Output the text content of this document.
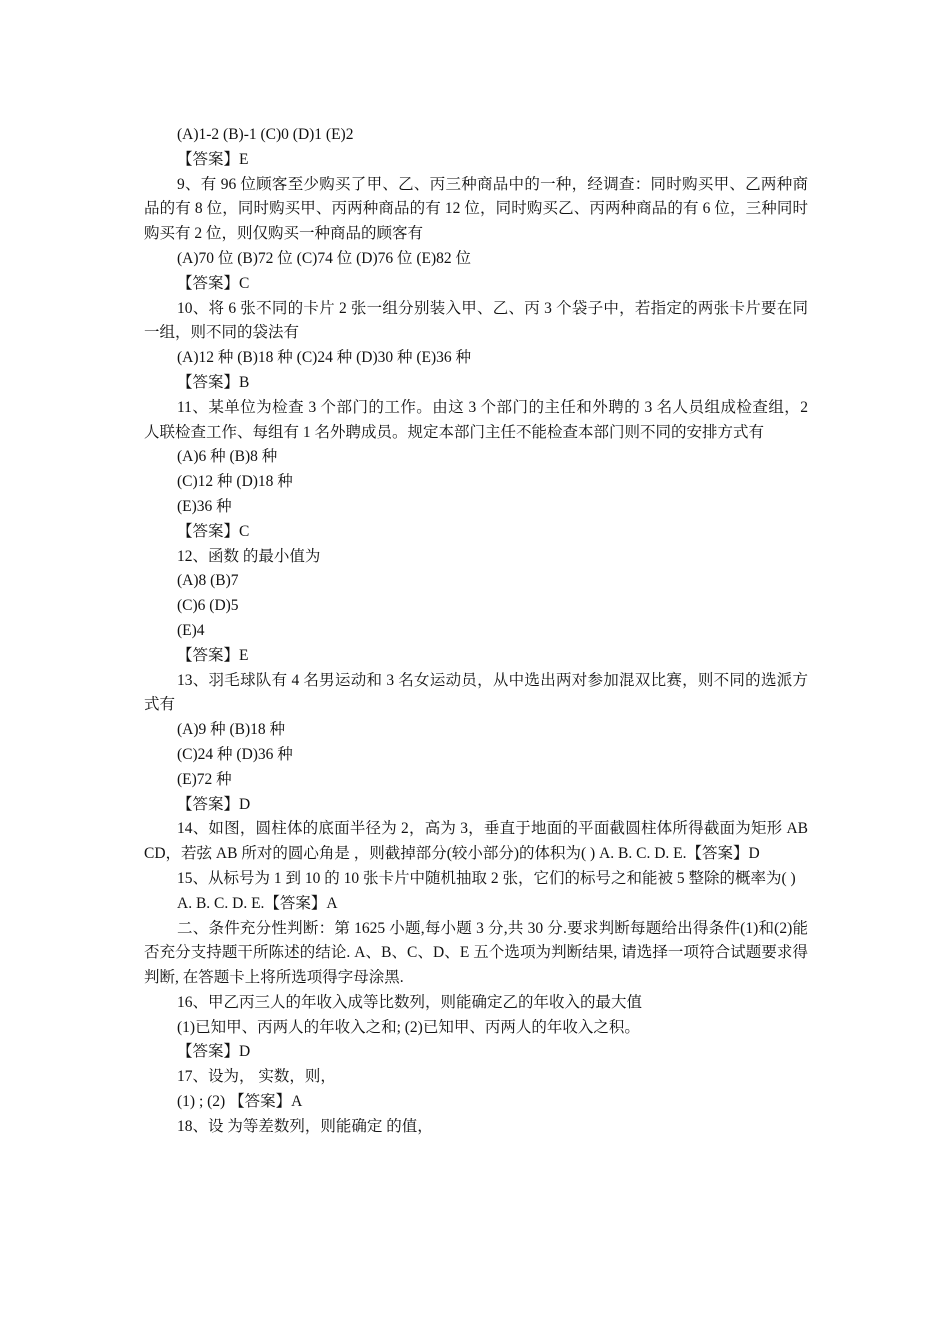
(A)1-2 (B)-1 (C)0 (D)1 (E)2

【答案】E

9、有 96 位顾客至少购买了甲、乙、丙三种商品中的一种，经调查：同时购买甲、乙两种商品的有 8 位，同时购买甲、丙两种商品的有 12 位，同时购买乙、丙两种商品的有 6 位，三种同时购买有 2 位，则仅购买一种商品的顾客有

(A)70 位 (B)72 位 (C)74 位 (D)76 位 (E)82 位

【答案】C

10、将 6 张不同的卡片 2 张一组分别装入甲、乙、丙 3 个袋子中，若指定的两张卡片要在同一组，则不同的袋法有

(A)12 种 (B)18 种 (C)24 种 (D)30 种 (E)36 种

【答案】B

11、某单位为检查 3 个部门的工作。由这 3 个部门的主任和外聘的 3 名人员组成检查组，2 人联检查工作、每组有 1 名外聘成员。规定本部门主任不能检查本部门则不同的安排方式有

(A)6 种 (B)8 种

(C)12 种 (D)18 种

(E)36 种

【答案】C

12、函数 的最小值为

(A)8 (B)7

(C)6 (D)5

(E)4

【答案】E

13、羽毛球队有 4 名男运动和 3 名女运动员，从中选出两对参加混双比赛，则不同的选派方式有

(A)9 种 (B)18 种

(C)24 种 (D)36 种

(E)72 种

【答案】D

14、如图，圆柱体的底面半径为 2，高为 3，垂直于地面的平面截圆柱体所得截面为矩形 ABCD，若弦 AB 所对的圆心角是 ，则截掉部分(较小部分)的体积为( ) A. B. C. D. E.【答案】D

15、从标号为 1 到 10 的 10 张卡片中随机抽取 2 张，它们的标号之和能被 5 整除的概率为( )

A. B. C. D. E.【答案】A

二、条件充分性判断：第 1625 小题,每小题 3 分,共 30 分.要求判断每题给出得条件(1)和(2)能否充分支持题干所陈述的结论. A、B、C、D、E 五个选项为判断结果, 请选择一项符合试题要求得判断, 在答题卡上将所选项得字母涂黑.

16、甲乙丙三人的年收入成等比数列，则能确定乙的年收入的最大值

(1)已知甲、丙两人的年收入之和; (2)已知甲、丙两人的年收入之积。

【答案】D

17、设为， 实数，则，

(1) ; (2) 【答案】A

18、设 为等差数列，则能确定 的值，
